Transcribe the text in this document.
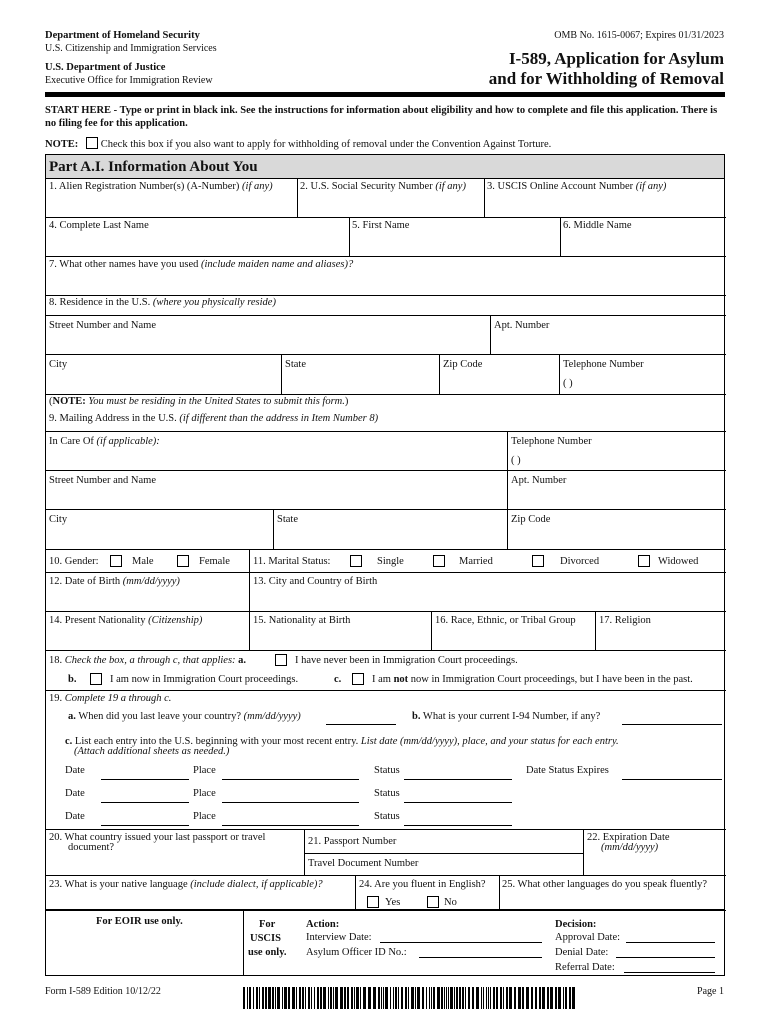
Department of Homeland Security
U.S. Citizenship and Immigration Services
U.S. Department of Justice
Executive Office for Immigration Review
OMB No. 1615-0067; Expires 01/31/2023
I-589, Application for Asylum
and for Withholding of Removal
START HERE - Type or print in black ink. See the instructions for information about eligibility and how to complete and file this application. There is no filing fee for this application.
NOTE: Check this box if you also want to apply for withholding of removal under the Convention Against Torture.
Part A.I. Information About You
1. Alien Registration Number(s) (A-Number) (if any)	2. U.S. Social Security Number (if any) 3. USCIS Online Account Number (if any)
4. Complete Last Name	5. First Name	6. Middle Name
7. What other names have you used (include maiden name and aliases)?
8. Residence in the U.S. (where you physically reside)
Street Number and Name	Apt. Number
City	State	Zip Code	Telephone Number
( )
(NOTE: You must be residing in the United States to submit this form.)
9. Mailing Address in the U.S. (if different than the address in Item Number 8)
In Care Of (if applicable):	Telephone Number
( )
Street Number and Name	Apt. Number
City	State	Zip Code
10. Gender:	Male	Female 11. Marital Status:	Single	Married	Divorced	Widowed
12. Date of Birth (mm/dd/yyyy)	13. City and Country of Birth
14. Present Nationality (Citizenship)	15. Nationality at Birth	16. Race, Ethnic, or Tribal Group 17. Religion
18. Check the box, a through c, that applies: a.	I have never been in Immigration Court proceedings.
b.	I am now in Immigration Court proceedings.	c.	I am not now in Immigration Court proceedings, but I have been in the past.
19. Complete 19 a through c.
a. When did you last leave your country? (mm/dd/yyyy)	b. What is your current I-94 Number, if any?
c. List each entry into the U.S. beginning with your most recent entry. List date (mm/dd/yyyy), place, and your status for each entry.
(Attach additional sheets as needed.)
Date	Place	Status	Date Status Expires
Date	Place	Status
Date	Place	Status
20. What country issued your last passport or travel
document?
21. Passport Number
Travel Document Number
22. Expiration Date
(mm/dd/yyyy)
23. What is your native language (include dialect, if applicable)?	24. Are you fluent in English?
Yes	No
25. What other languages do you speak fluently?
For EOIR use only.	For
USCIS
use only.
Action:
Interview Date:
Asylum Officer ID No.:
Decision:
Approval Date:
Denial Date:
Referral Date:
Form I-589 Edition 10/12/22	Page 1
